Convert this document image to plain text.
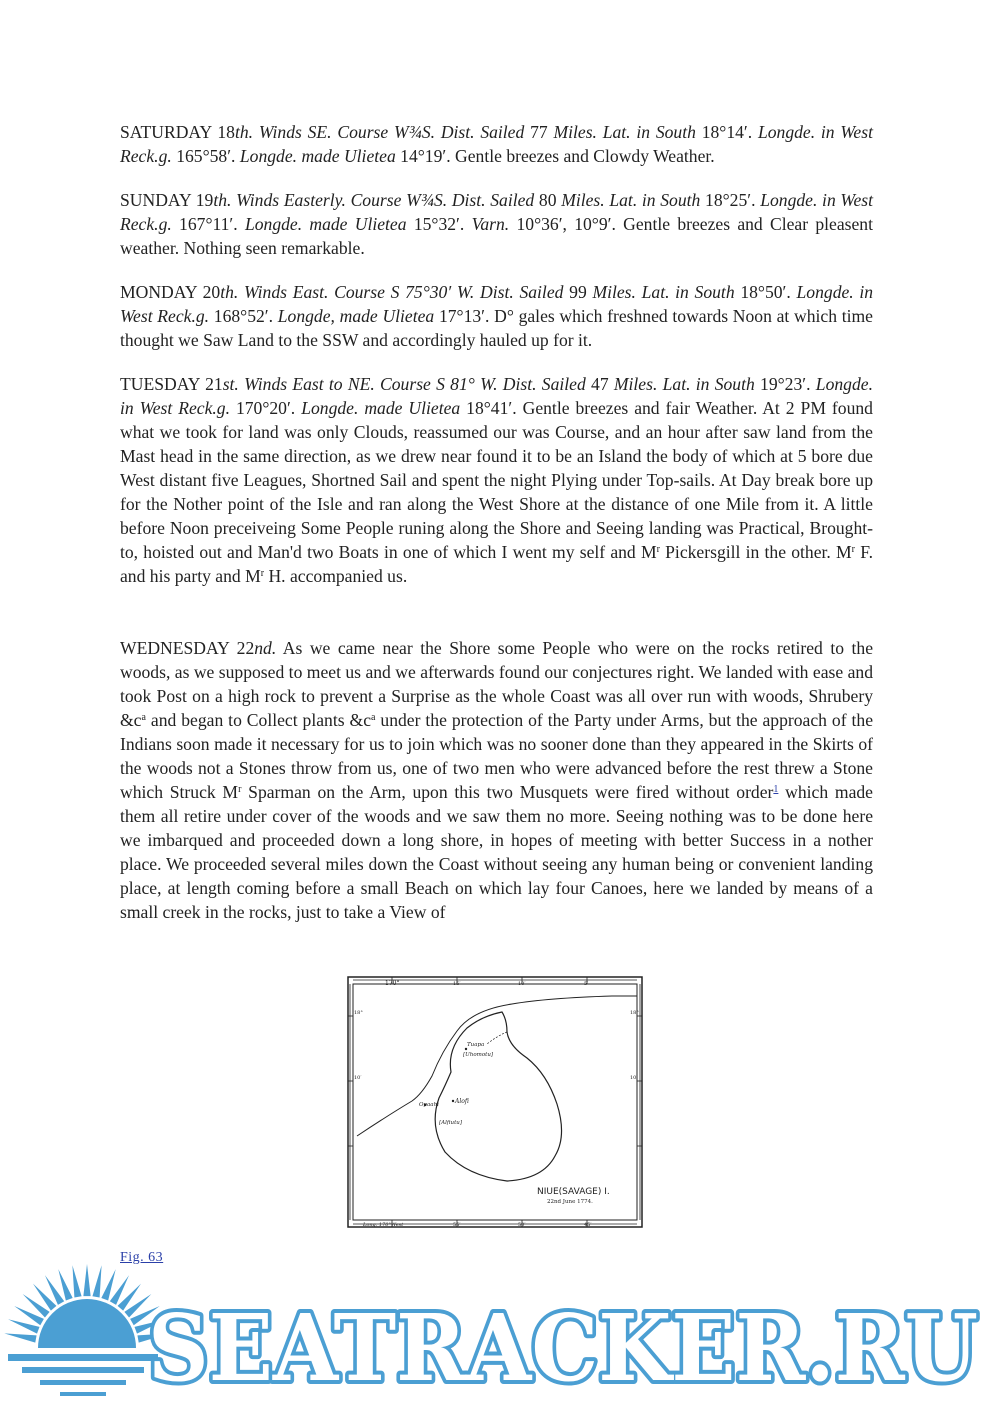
SATURDAY 18th. Winds SE. Course W¾S. Dist. Sailed 77 Miles. Lat. in South 18°14′. Longde. in West Reck.g. 165°58′. Longde. made Ulietea 14°19′. Gentle breezes and Clowdy Weather.
SUNDAY 19th. Winds Easterly. Course W¾S. Dist. Sailed 80 Miles. Lat. in South 18°25′. Longde. in West Reck.g. 167°11′. Longde. made Ulietea 15°32′. Varn. 10°36′, 10°9′. Gentle breezes and Clear pleasent weather. Nothing seen remarkable.
MONDAY 20th. Winds East. Course S 75°30′ W. Dist. Sailed 99 Miles. Lat. in South 18°50′. Longde. in West Reck.g. 168°52′. Longde, made Ulietea 17°13′. D° gales which freshned towards Noon at which time thought we Saw Land to the SSW and accordingly hauled up for it.
TUESDAY 21st. Winds East to NE. Course S 81° W. Dist. Sailed 47 Miles. Lat. in South 19°23′. Longde. in West Reck.g. 170°20′. Longde. made Ulietea 18°41′. Gentle breezes and fair Weather. At 2 PM found what we took for land was only Clouds, reassumed our was Course, and an hour after saw land from the Mast head in the same direction, as we drew near found it to be an Island the body of which at 5 bore due West distant five Leagues, Shortned Sail and spent the night Plying under Top-sails. At Day break bore up for the Nother point of the Isle and ran along the West Shore at the distance of one Mile from it. A little before Noon preceiveing Some People runing along the Shore and Seeing landing was Practical, Brought-to, hoisted out and Man'd two Boats in one of which I went my self and $M^r$ Pickersgill in the other. $M^r$ F. and his party and $M^r$ H. accompanied us.
WEDNESDAY 22nd. As we came near the Shore some People who were on the rocks retired to the woods, as we supposed to meet us and we afterwards found our conjectures right. We landed with ease and took Post on a high rock to prevent a Surprise as the whole Coast was all over run with woods, Shrubery $\&c^a$ and began to Collect plants $\&c^a$ under the protection of the Party under Arms, but the approach of the Indians soon made it necessary for us to join which was no sooner done than they appeared in the Skirts of the woods not a Stones throw from us, one of two men who were advanced before the rest threw a Stone which Struck $M^r$ Sparman on the Arm, upon this two Musquets were fired without order$^1$ which made them all retire under cover of the woods and we saw them no more. Seeing nothing was to be done here we imbarqued and proceeded down a long shore, in hopes of meeting with better Success in a nother place. We proceeded several miles down the Coast without seeing any human being or convenient landing place, at length coming before a small Beach on which lay four Canoes, here we landed by means of a small creek in the rocks, just to take a View of
170°	15′	10′	5′
Long. 170°West	55′	50′	45′
18°	18°
10′	10′
Tuapa
[Uhomotu]
Alofi
Opaahi
[Alfiutu]
NIUE(SAVAGE) I.
22nd June 1774.
Fig. 63
SEATRACKER.RU
